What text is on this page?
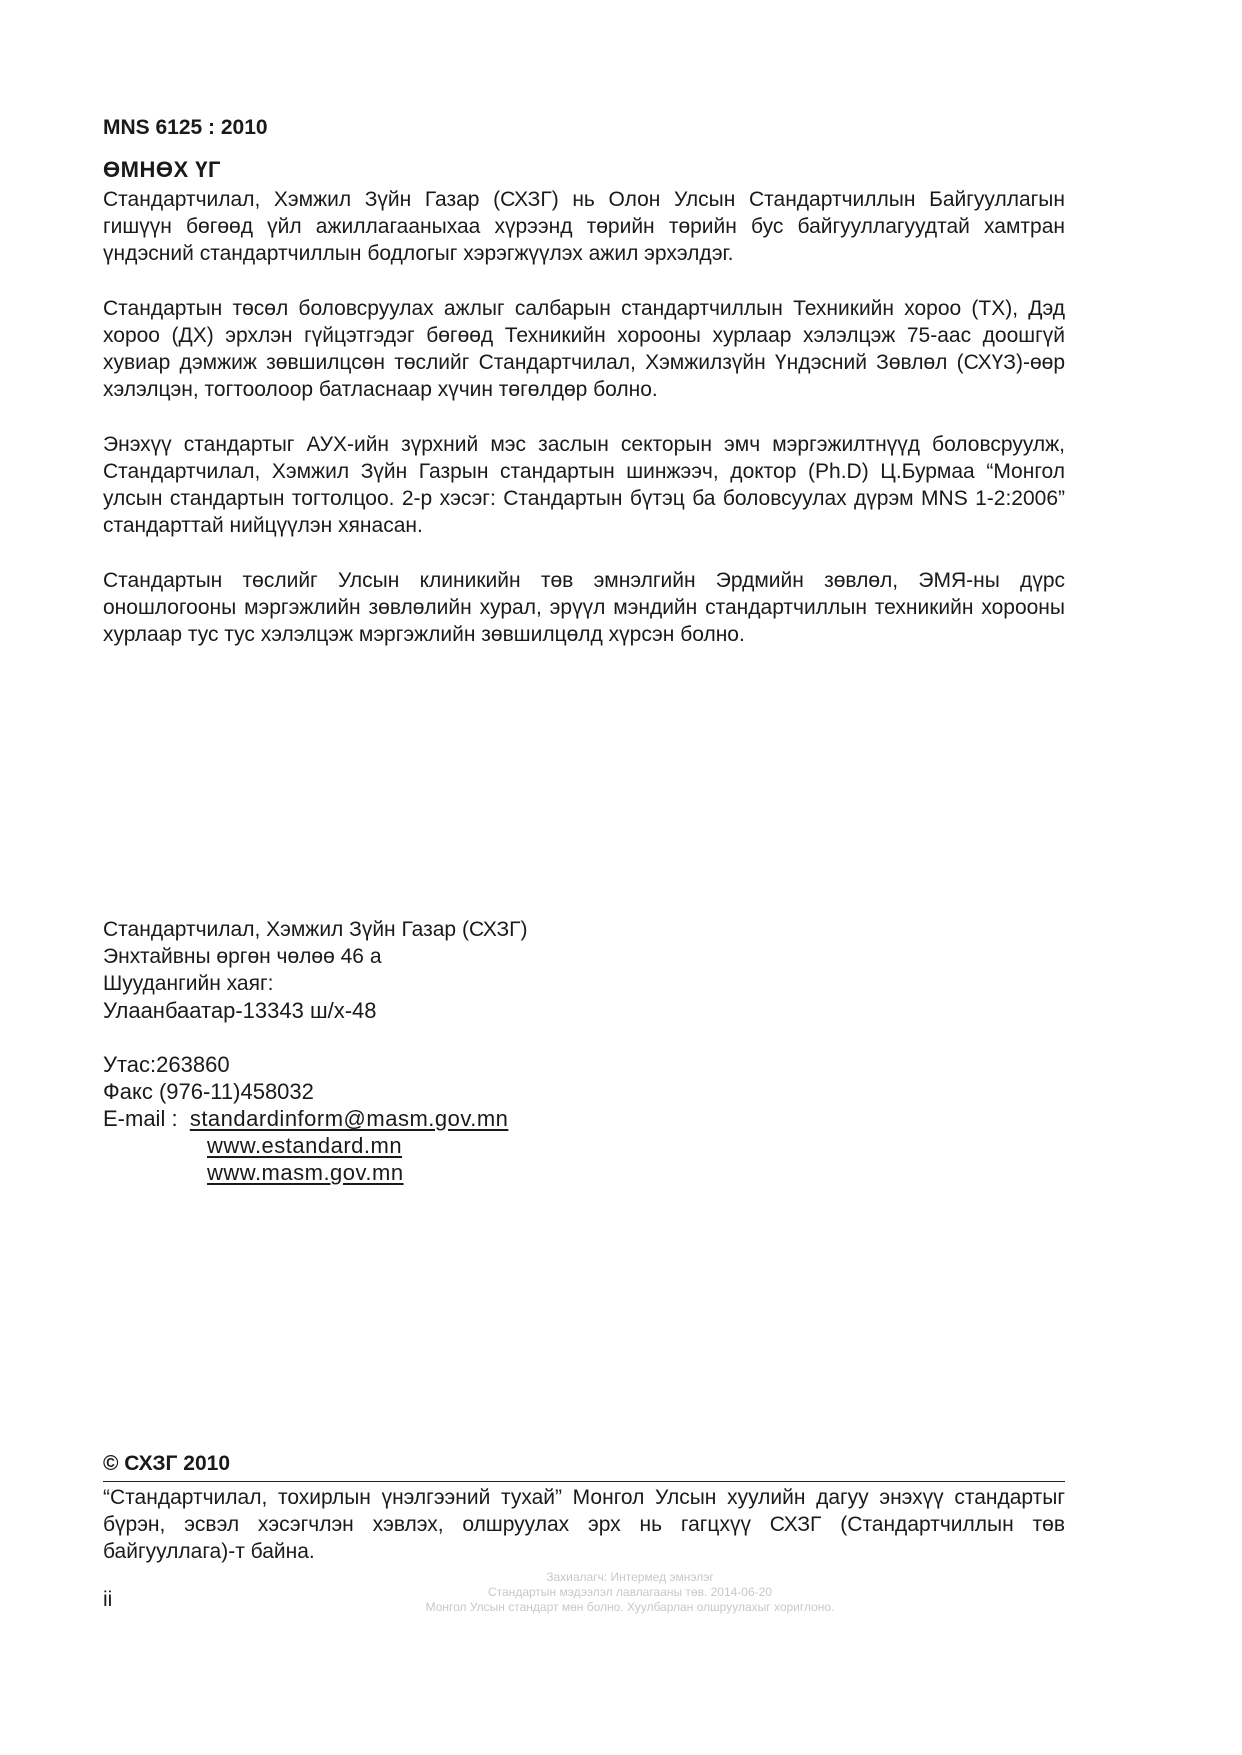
MNS 6125 : 2010
ӨМНӨХ ҮГ

Стандартчилал, Хэмжил Зүйн Газар (СХЗГ) нь Олон Улсын Стандартчиллын Байгууллагын гишүүн бөгөөд үйл ажиллагааныхаа хүрээнд төрийн төрийн бус байгууллагуудтай хамтран үндэсний стандартчиллын бодлогыг хэрэгжүүлэх ажил эрхэлдэг.

Стандартын төсөл боловсруулах ажлыг салбарын стандартчиллын Техникийн хороо (ТХ), Дэд хороо (ДХ) эрхлэн гүйцэтгэдэг бөгөөд Техникийн хорооны хурлаар хэлэлцэж 75-аас доошгүй хувиар дэмжиж зөвшилцсөн төслийг Стандартчилал, Хэмжилзүйн Үндэсний Зөвлөл (СХҮЗ)-өөр хэлэлцэн, тогтоолоор батлаcнаар хүчин төгөлдөр болно.

Энэхүү стандартыг АУХ-ийн зүрхний мэс заслын секторын эмч мэргэжилтнүүд боловсруулж, Стандартчилал, Хэмжил Зүйн Газрын стандартын шинжээч, доктор (Ph.D) Ц.Бурмаа “Монгол улсын стандартын тогтолцоо. 2-р хэсэг: Стандартын бүтэц ба боловсуулах дүрэм MNS 1-2:2006” стандарттай нийцүүлэн хянасан.

Стандартын төслийг Улсын клиникийн төв эмнэлгийн Эрдмийн зөвлөл, ЭМЯ-ны дүрс оношлогооны мэргэжлийн зөвлөлийн хурал, эрүүл мэндийн стандартчиллын техникийн хорооны хурлаар тус тус хэлэлцэж мэргэжлийн зөвшилцөлд хүрсэн болно.

Стандартчилал, Хэмжил Зүйн Газар (СХЗГ)
Энхтайвны өргөн чөлөө 46 а
Шуудангийн хаяг:
Улаанбаатар-13343 ш/х-48
Утас:263860
Факс (976-11)458032
E-mail :  standardinform@masm.gov.mn
www.estandard.mn
www.masm.gov.mn
© СХЗГ 2010
“Стандартчилал, тохирлын үнэлгээний тухай” Монгол Улсын хуулийн дагуу энэхүү стандартыг бүрэн, эсвэл хэсэгчлэн хэвлэх, олшруулах эрх нь гагцхүү СХЗГ (Стандартчиллын төв байгууллага)-т байна.
ii
Захиалагч: Интермед эмнэлэг
Стандартын мэдээлэл лавлагааны төв. 2014-06-20
Монгол Улсын стандарт мөн болно. Хуулбарлан олшруулахыг хориглоно.
